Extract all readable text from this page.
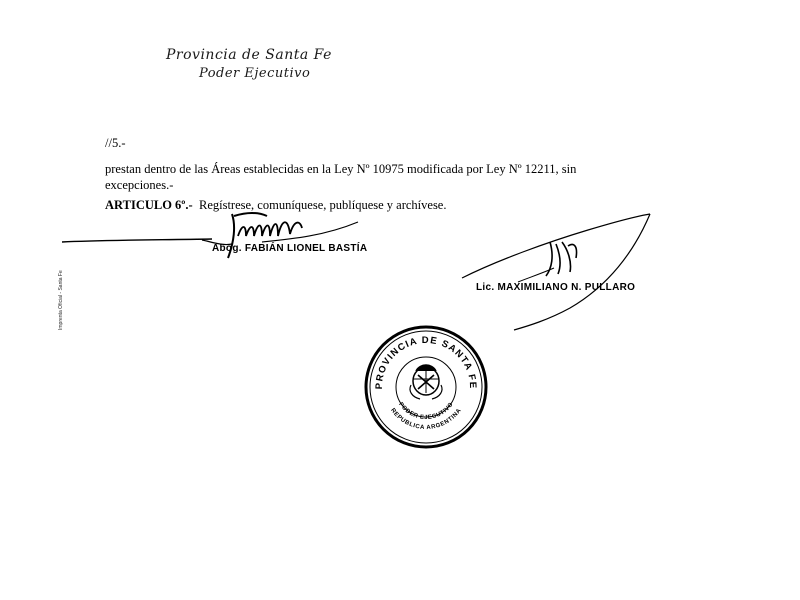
Provincia de Santa Fe
Poder Ejecutivo
//5.-
prestan dentro de las Áreas establecidas en la Ley Nº 10975 modificada por Ley Nº 12211, sin
excepciones.-
ARTICULO 6º.- Regístrese, comuníquese, publíquese y archívese.
Abog. FABIÁN LIONEL BASTÍA
Lic. MAXIMILIANO N. PULLARO
PROVINCIA DE SANTA FE
PODER EJECUTIVO
REPUBLICA ARGENTINA
Imprenta Oficial - Santa Fe
